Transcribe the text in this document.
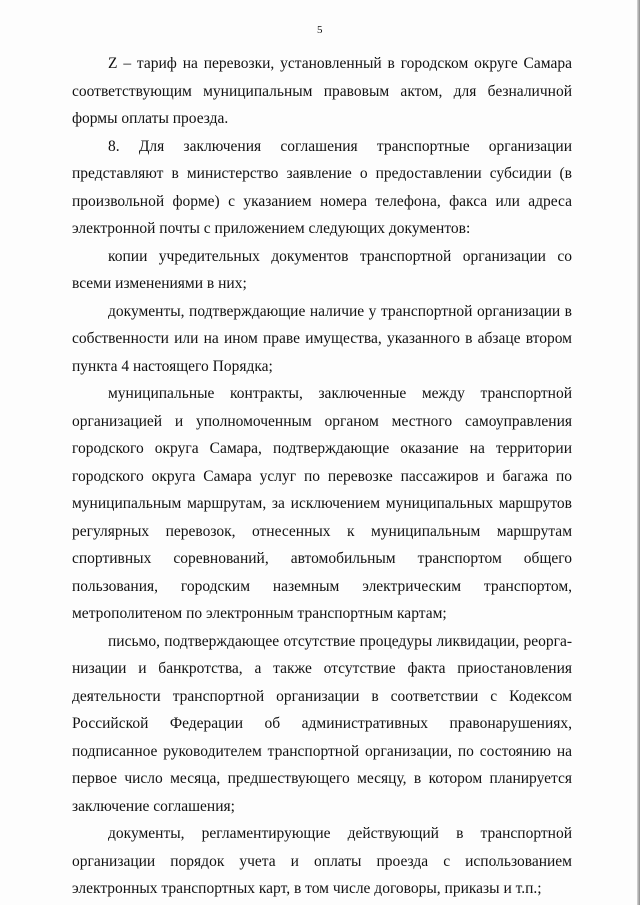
5

Z – тариф на перевозки, установленный в городском округе Самара соответствующим муниципальным правовым актом, для безналичной формы оплаты проезда.

8. Для заключения соглашения транспортные организации представляют в министерство заявление о предоставлении субсидии (в произвольной форме) с указанием номера телефона, факса или адреса электронной почты с приложением следующих документов:

копии учредительных документов транспортной организации со всеми изменениями в них;

документы, подтверждающие наличие у транспортной организации в собственности или на ином праве имущества, указанного в абзаце втором пункта 4 настоящего Порядка;

муниципальные контракты, заключенные между транспортной организацией и уполномоченным органом местного самоуправления городского округа Самара, подтверждающие оказание на территории городского округа Самара услуг по перевозке пассажиров и багажа по муниципальным маршрутам, за исключением муниципальных маршрутов регулярных перевозок, отнесенных к муниципальным маршрутам спортивных соревнований, автомобильным транспортом общего пользования, городским наземным электрическим транспортом, метрополитеном по электронным транспортным картам;

письмо, подтверждающее отсутствие процедуры ликвидации, реорганизации и банкротства, а также отсутствие факта приостановления деятельности транспортной организации в соответствии с Кодексом Российской Федерации об административных правонарушениях, подписанное руководителем транспортной организации, по состоянию на первое число месяца, предшествующего месяцу, в котором планируется заключение соглашения;

документы, регламентирующие действующий в транспортной организации порядок учета и оплаты проезда с использованием электронных транспортных карт, в том числе договоры, приказы и т.п.;
